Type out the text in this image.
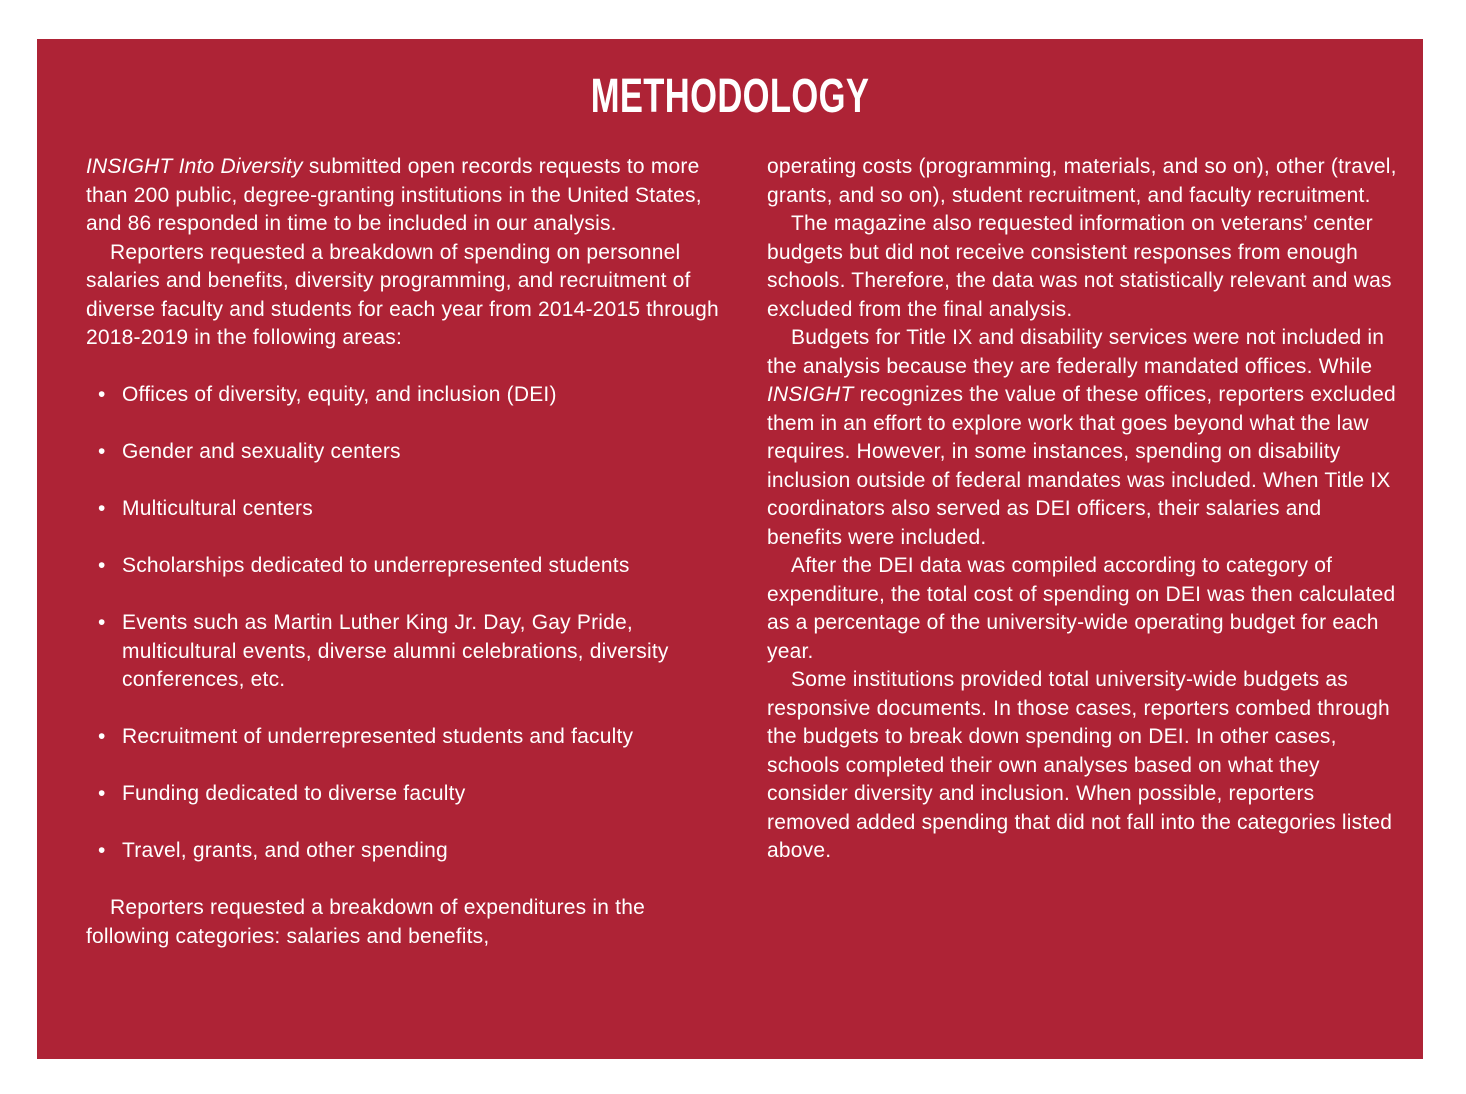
METHODOLOGY

INSIGHT Into Diversity submitted open records requests to more than 200 public, degree-granting institutions in the United States, and 86 responded in time to be included in our analysis.

Reporters requested a breakdown of spending on personnel salaries and benefits, diversity programming, and recruitment of diverse faculty and students for each year from 2014-2015 through 2018-2019 in the following areas:

• Offices of diversity, equity, and inclusion (DEI)
• Gender and sexuality centers
• Multicultural centers
• Scholarships dedicated to underrepresented students
• Events such as Martin Luther King Jr. Day, Gay Pride, multicultural events, diverse alumni celebrations, diversity conferences, etc.
• Recruitment of underrepresented students and faculty
• Funding dedicated to diverse faculty
• Travel, grants, and other spending

Reporters requested a breakdown of expenditures in the following categories: salaries and benefits,

operating costs (programming, materials, and so on), other (travel, grants, and so on), student recruitment, and faculty recruitment.

The magazine also requested information on veterans’ center budgets but did not receive consistent responses from enough schools. Therefore, the data was not statistically relevant and was excluded from the final analysis.

Budgets for Title IX and disability services were not included in the analysis because they are federally mandated offices. While INSIGHT recognizes the value of these offices, reporters excluded them in an effort to explore work that goes beyond what the law requires. However, in some instances, spending on disability inclusion outside of federal mandates was included. When Title IX coordinators also served as DEI officers, their salaries and benefits were included.

After the DEI data was compiled according to category of expenditure, the total cost of spending on DEI was then calculated as a percentage of the university-wide operating budget for each year.

Some institutions provided total university-wide budgets as responsive documents. In those cases, reporters combed through the budgets to break down spending on DEI. In other cases, schools completed their own analyses based on what they consider diversity and inclusion. When possible, reporters removed added spending that did not fall into the categories listed above.
